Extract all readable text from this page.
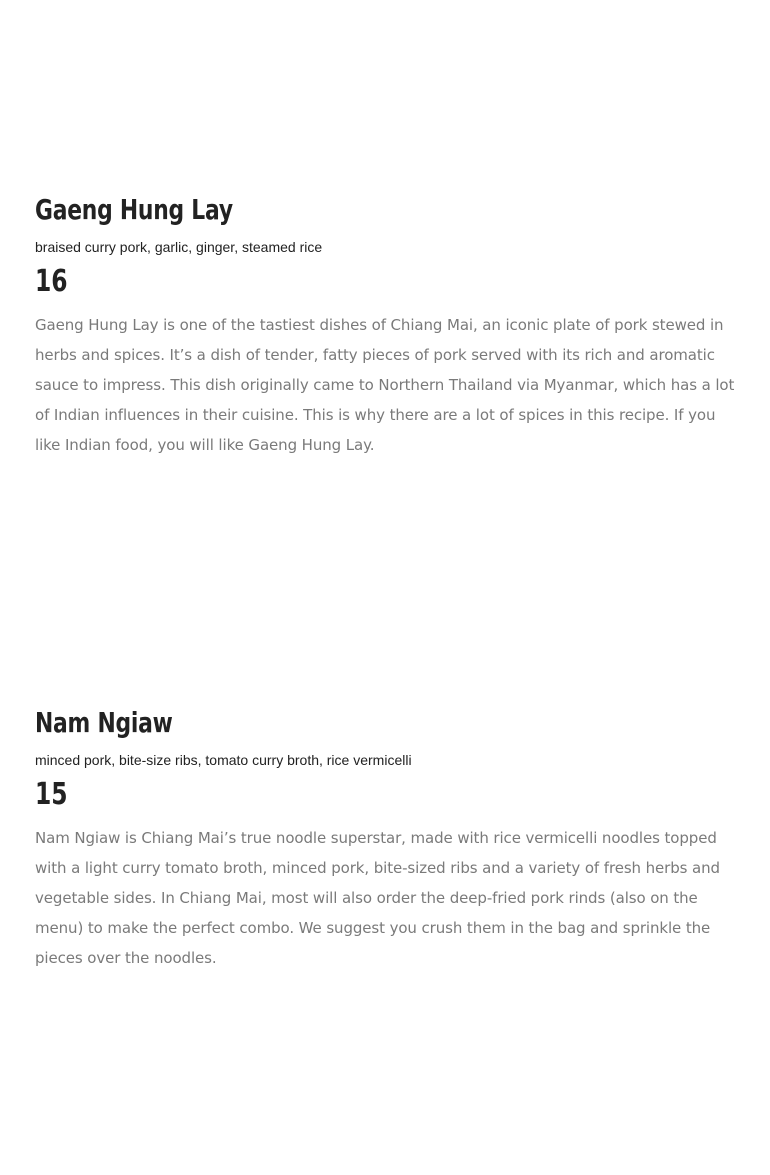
Gaeng Hung Lay

braised curry pork, garlic, ginger, steamed rice

16

Gaeng Hung Lay is one of the tastiest dishes of Chiang Mai, an iconic plate of pork stewed in herbs and spices. It’s a dish of tender, fatty pieces of pork served with its rich and aromatic sauce to impress. This dish originally came to Northern Thailand via Myanmar, which has a lot of Indian influences in their cuisine. This is why there are a lot of spices in this recipe. If you like Indian food, you will like Gaeng Hung Lay.

Nam Ngiaw

minced pork, bite-size ribs, tomato curry broth, rice vermicelli

15

Nam Ngiaw is Chiang Mai’s true noodle superstar, made with rice vermicelli noodles topped with a light curry tomato broth, minced pork, bite-sized ribs and a variety of fresh herbs and vegetable sides. In Chiang Mai, most will also order the deep-fried pork rinds (also on the menu) to make the perfect combo. We suggest you crush them in the bag and sprinkle the pieces over the noodles.
